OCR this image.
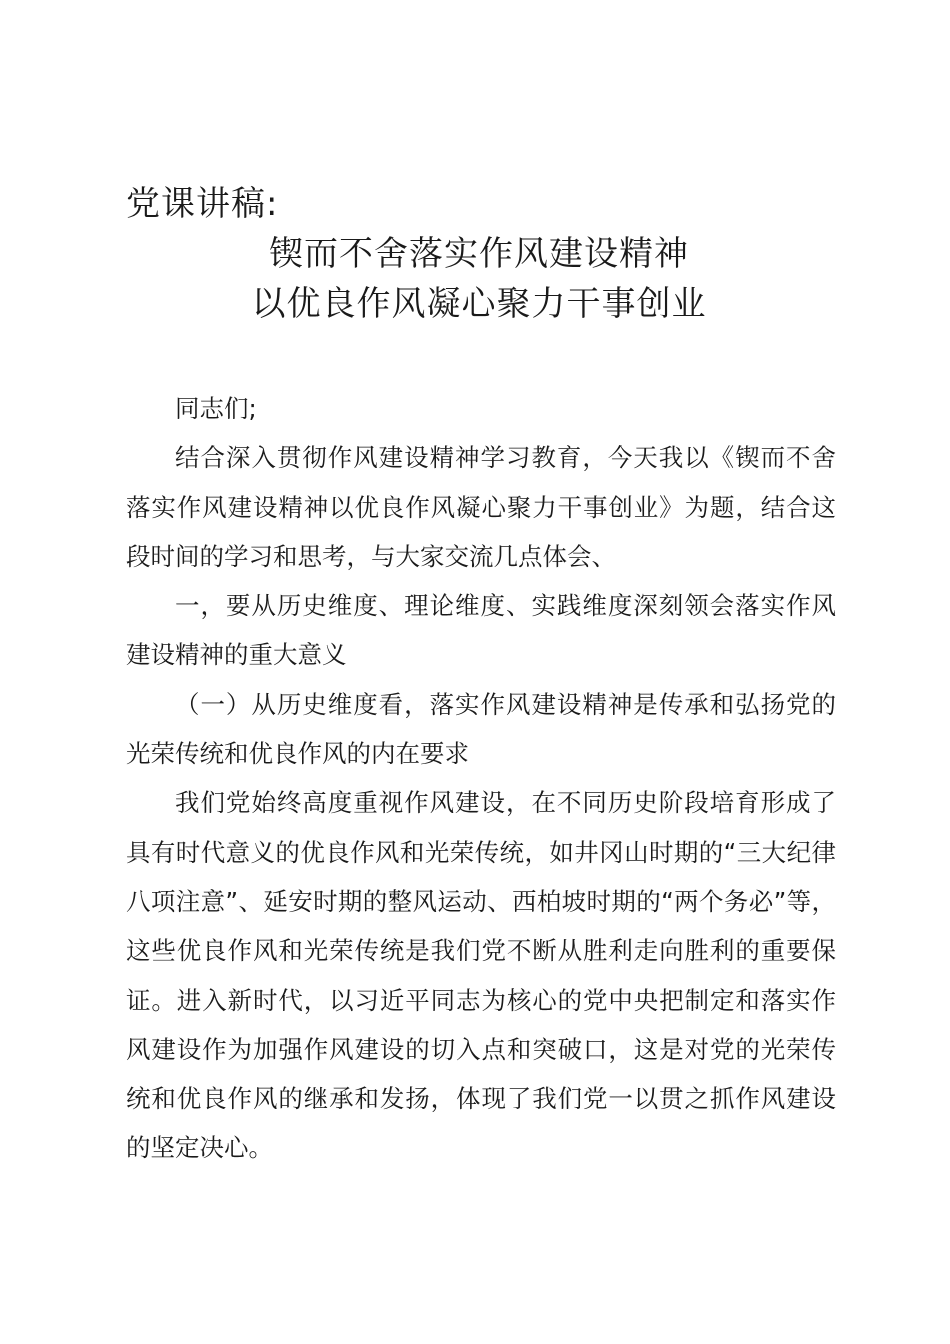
党课讲稿:
锲而不舍落实作风建设精神
以优良作风凝心聚力干事创业

同志们;

结合深入贯彻作风建设精神学习教育，今天我以《锲而不舍落实作风建设精神以优良作风凝心聚力干事创业》为题，结合这段时间的学习和思考，与大家交流几点体会、

一，要从历史维度、理论维度、实践维度深刻领会落实作风建设精神的重大意义

（一）从历史维度看，落实作风建设精神是传承和弘扬党的光荣传统和优良作风的内在要求

我们党始终高度重视作风建设，在不同历史阶段培育形成了具有时代意义的优良作风和光荣传统，如井冈山时期的“三大纪律八项注意”、延安时期的整风运动、西柏坡时期的“两个务必”等，这些优良作风和光荣传统是我们党不断从胜利走向胜利的重要保证。进入新时代，以习近平同志为核心的党中央把制定和落实作风建设作为加强作风建设的切入点和突破口，这是对党的光荣传统和优良作风的继承和发扬，体现了我们党一以贯之抓作风建设的坚定决心。
